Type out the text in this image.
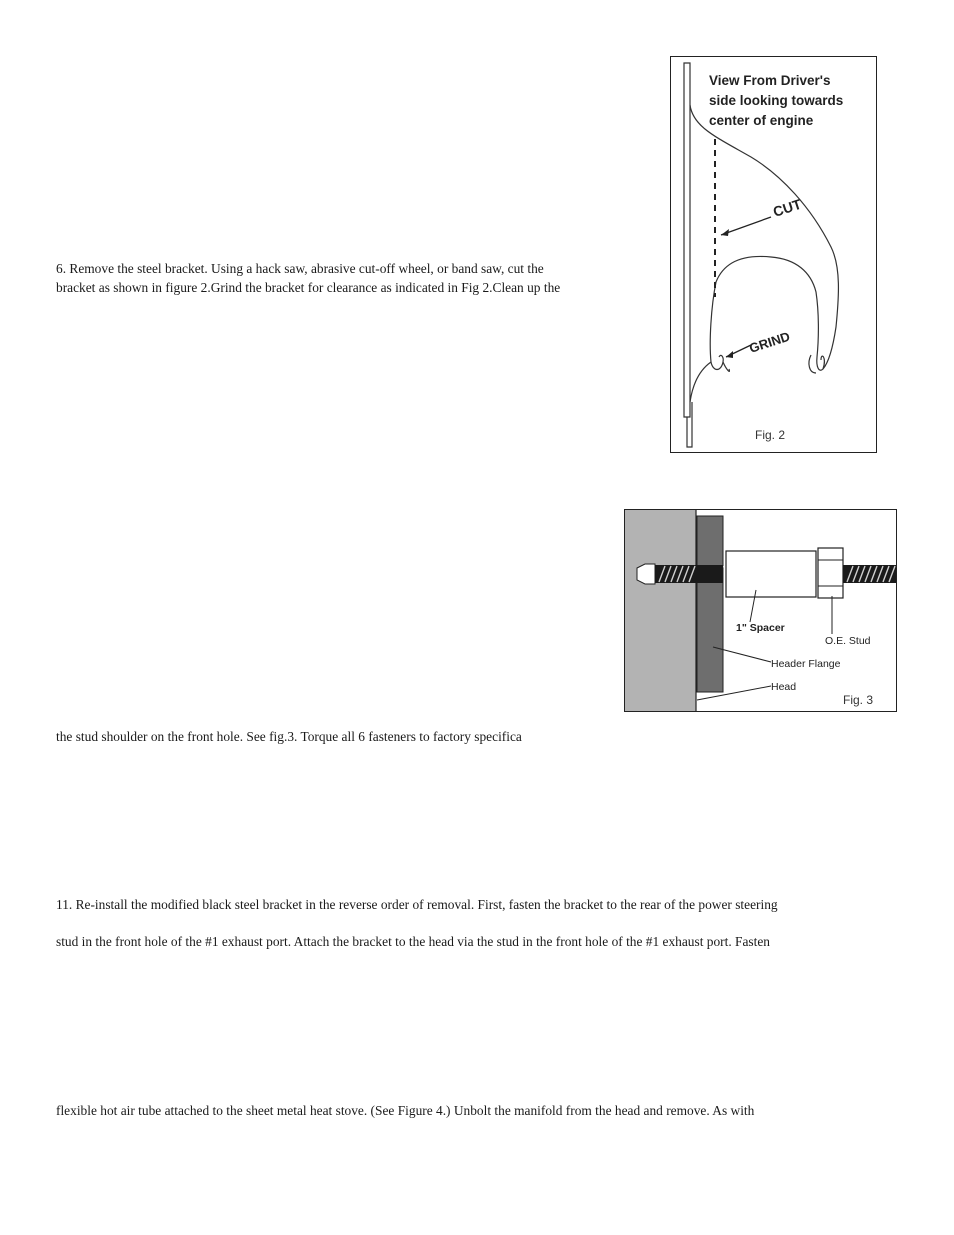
6. Remove the steel bracket. Using a hack saw, abrasive cut-off wheel, or band saw, cut the

bracket as shown in figure 2.Grind the bracket for clearance as indicated in Fig 2.Clean up the

the stud shoulder on the front hole. See fig.3. Torque all 6 fasteners to factory specifica

11. Re-install the modified black steel bracket in the reverse order of removal. First, fasten the bracket to the rear of the power steering

stud in the front hole of the #1 exhaust port. Attach the bracket to the head via the stud in the front hole of the #1 exhaust port. Fasten

flexible hot air tube attached to the sheet metal heat stove. (See Figure 4.) Unbolt the manifold from the head and remove. As with

View From Driver's
side looking towards
center of engine
CUT
GRIND
Fig. 2
1" Spacer
O.E. Stud
Header Flange
Head
Fig. 3
